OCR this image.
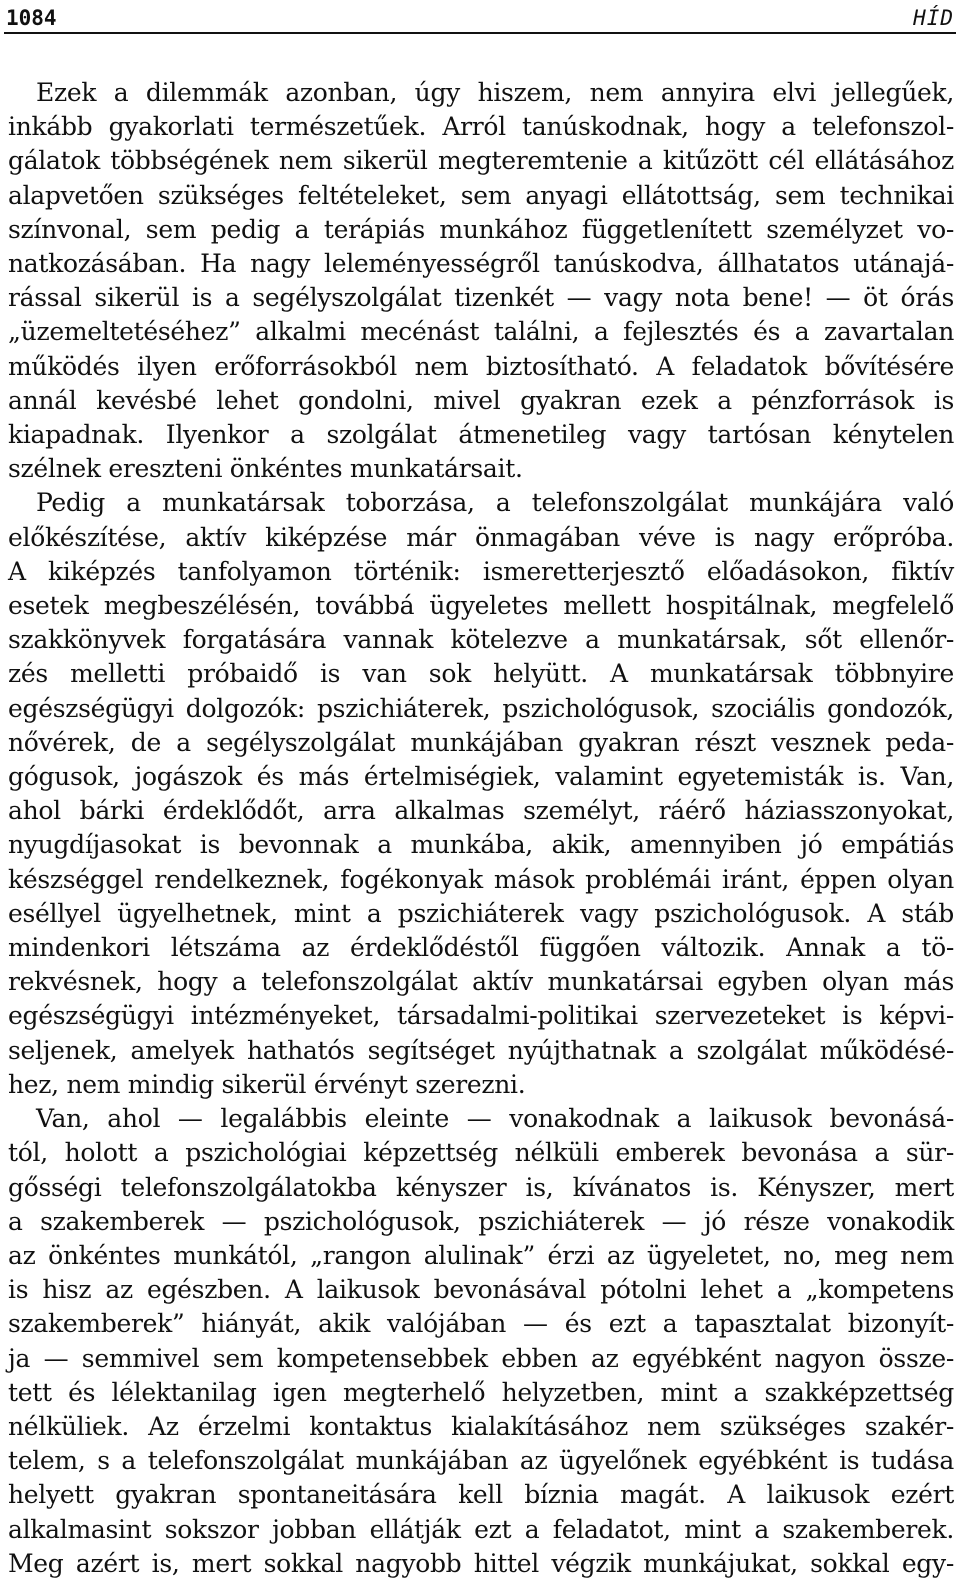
1084	HÍD

Ezek a dilemmák azonban, úgy hiszem, nem annyira elvi jellegűek,
inkább gyakorlati természetűek. Arról tanúskodnak, hogy a telefonszol-
gálatok többségének nem sikerül megteremtenie a kitűzött cél ellátásához
alapvetően szükséges feltételeket, sem anyagi ellátottság, sem technikai
színvonal, sem pedig a terápiás munkához függetlenített személyzet vo-
natkozásában. Ha nagy leleményességről tanúskodva, állhatatos utánajá-
rással sikerül is a segélyszolgálat tizenkét — vagy nota bene! — öt órás
„üzemeltetéséhez” alkalmi mecénást találni, a fejlesztés és a zavartalan
működés ilyen erőforrásokból nem biztosítható. A feladatok bővítésére
annál kevésbé lehet gondolni, mivel gyakran ezek a pénzforrások is
kiapadnak. Ilyenkor a szolgálat átmenetileg vagy tartósan kénytelen
szélnek ereszteni önkéntes munkatársait.

Pedig a munkatársak toborzása, a telefonszolgálat munkájára való
előkészítése, aktív kiképzése már önmagában véve is nagy erőpróba.
A kiképzés tanfolyamon történik: ismeretterjesztő előadásokon, fiktív
esetek megbeszélésén, továbbá ügyeletes mellett hospitálnak, megfelelő
szakkönyvek forgatására vannak kötelezve a munkatársak, sőt ellenőr-
zés melletti próbaidő is van sok helyütt. A munkatársak többnyire
egészségügyi dolgozók: pszichiáterek, pszichológusok, szociális gondozók,
nővérek, de a segélyszolgálat munkájában gyakran részt vesznek peda-
gógusok, jogászok és más értelmiségiek, valamint egyetemisták is. Van,
ahol bárki érdeklődőt, arra alkalmas személyt, ráérő háziasszonyokat,
nyugdíjasokat is bevonnak a munkába, akik, amennyiben jó empátiás
készséggel rendelkeznek, fogékonyak mások problémái iránt, éppen olyan
eséllyel ügyelhetnek, mint a pszichiáterek vagy pszichológusok. A stáb
mindenkori létszáma az érdeklődéstől függően változik. Annak a tö-
rekvésnek, hogy a telefonszolgálat aktív munkatársai egyben olyan más
egészségügyi intézményeket, társadalmi-politikai szervezeteket is képvi-
seljenek, amelyek hathatós segítséget nyújthatnak a szolgálat működésé-
hez, nem mindig sikerül érvényt szerezni.

Van, ahol — legalábbis eleinte — vonakodnak a laikusok bevonásá-
tól, holott a pszichológiai képzettség nélküli emberek bevonása a sür-
gősségi telefonszolgálatokba kényszer is, kívánatos is. Kényszer, mert
a szakemberek — pszichológusok, pszichiáterek — jó része vonakodik
az önkéntes munkától, „rangon alulinak” érzi az ügyeletet, no, meg nem
is hisz az egészben. A laikusok bevonásával pótolni lehet a „kompetens
szakemberek” hiányát, akik valójában — és ezt a tapasztalat bizonyít-
ja — semmivel sem kompetensebbek ebben az egyébként nagyon össze-
tett és lélektanilag igen megterhelő helyzetben, mint a szakképzettség
nélküliek. Az érzelmi kontaktus kialakításához nem szükséges szakér-
telem, s a telefonszolgálat munkájában az ügyelőnek egyébként is tudása
helyett gyakran spontaneitására kell bíznia magát. A laikusok ezért
alkalmasint sokszor jobban ellátják ezt a feladatot, mint a szakemberek.
Meg azért is, mert sokkal nagyobb hittel végzik munkájukat, sokkal egy-
